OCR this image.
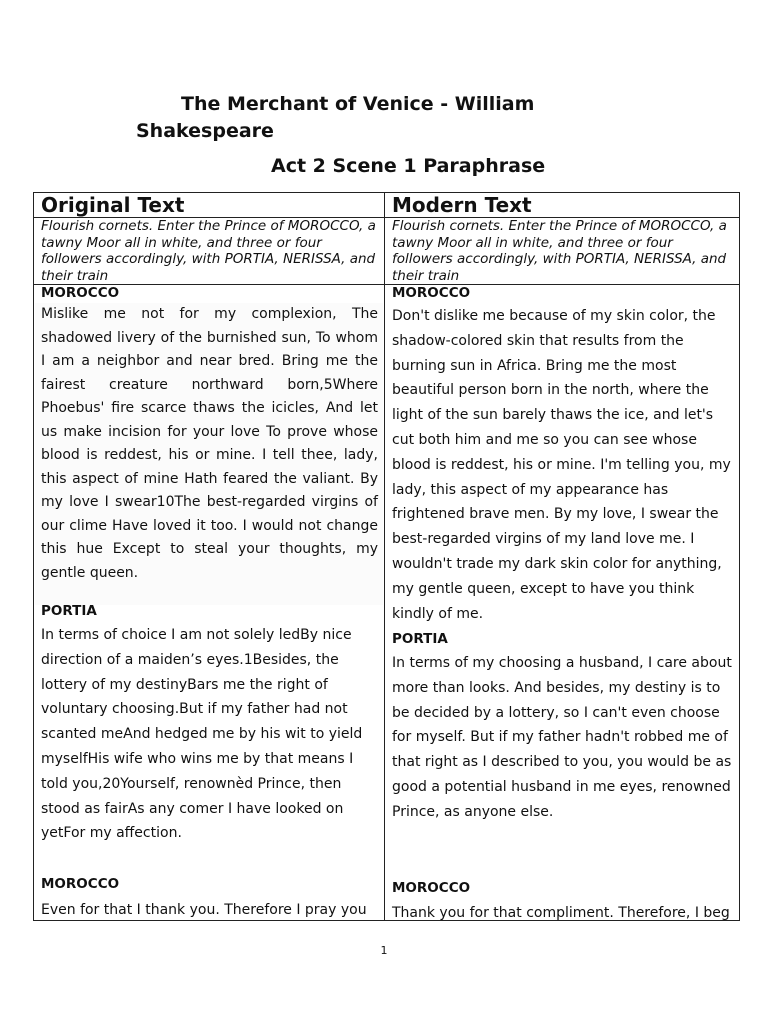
The Merchant of Venice - William
Shakespeare
Act 2 Scene 1 Paraphrase
Original Text
Flourish cornets. Enter the Prince of MOROCCO, a tawny Moor all in white, and three or four followers accordingly, with PORTIA, NERISSA, and their train
MOROCCO
Mislike me not for my complexion, The shadowed livery of the burnished sun, To whom I am a neighbor and near bred. Bring me the fairest creature northward born,5Where Phoebus' fire scarce thaws the icicles, And let us make incision for your love To prove whose blood is reddest, his or mine. I tell thee, lady, this aspect of mine Hath feared the valiant. By my love I swear10The best-regarded virgins of our clime Have loved it too. I would not change this hue Except to steal your thoughts, my gentle queen.
PORTIA
In terms of choice I am not solely ledBy nice direction of a maiden’s eyes.1Besides, the lottery of my destinyBars me the right of voluntary choosing.But if my father had not scanted meAnd hedged me by his wit to yield myselfHis wife who wins me by that means I told you,20Yourself, renownèd Prince, then stood as fairAs any comer I have looked on yetFor my affection.
MOROCCO
Even for that I thank you. Therefore I pray you
Modern Text
Flourish cornets. Enter the Prince of MOROCCO, a tawny Moor all in white, and three or four followers accordingly, with PORTIA, NERISSA, and their train
MOROCCO
Don't dislike me because of my skin color, the shadow-colored skin that results from the burning sun in Africa. Bring me the most beautiful person born in the north, where the light of the sun barely thaws the ice, and let's cut both him and me so you can see whose blood is reddest, his or mine. I'm telling you, my lady, this aspect of my appearance has frightened brave men. By my love, I swear the best-regarded virgins of my land love me. I wouldn't trade my dark skin color for anything, my gentle queen, except to have you think kindly of me.
PORTIA
In terms of my choosing a husband, I care about more than looks. And besides, my destiny is to be decided by a lottery, so I can't even choose for myself. But if my father hadn't robbed me of that right as I described to you, you would be as good a potential husband in me eyes, renowned Prince, as anyone else.
MOROCCO
Thank you for that compliment. Therefore, I beg
1
